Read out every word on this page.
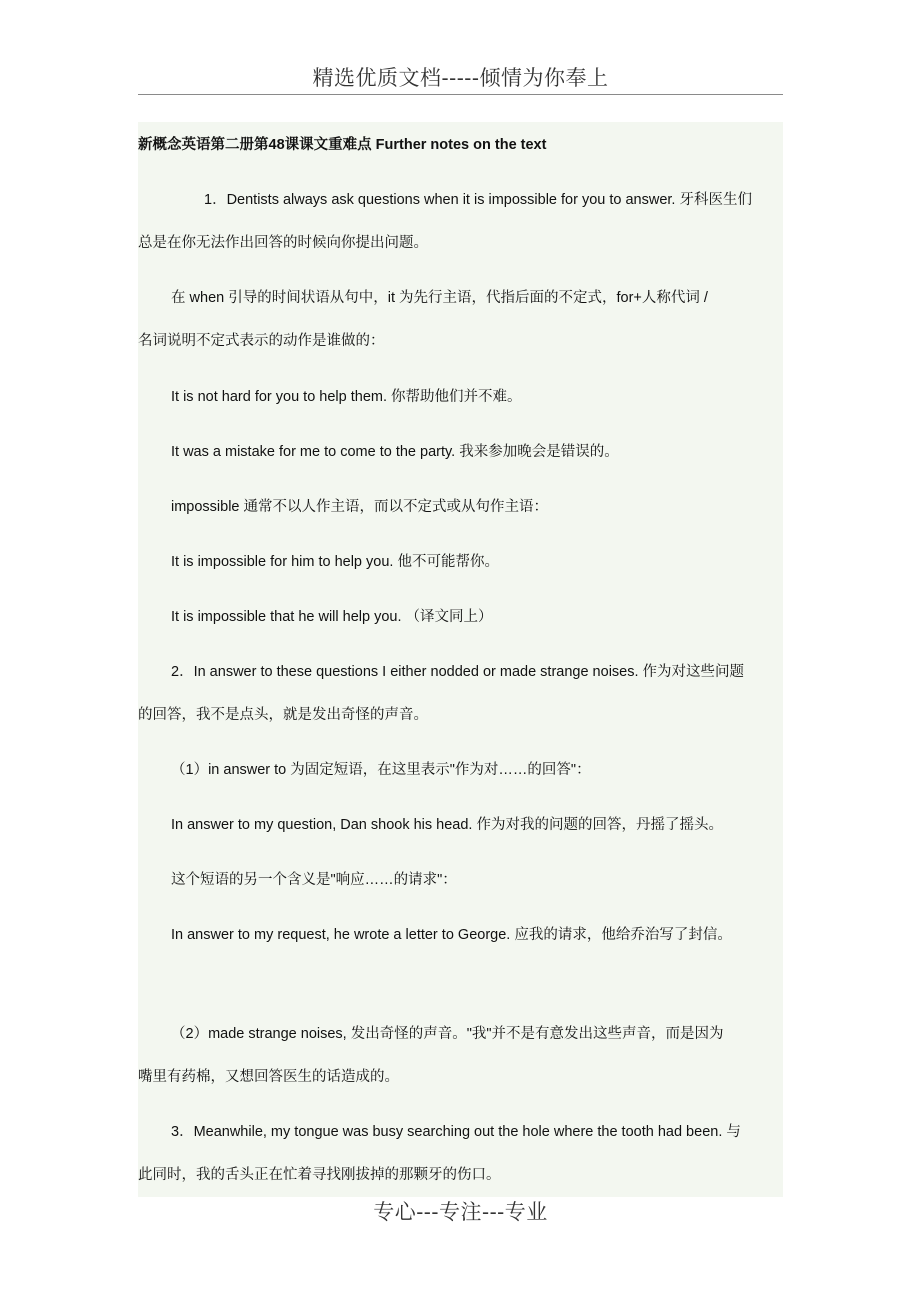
精选优质文档-----倾情为你奉上
新概念英语第二册第48课课文重难点 Further notes on the text
1．Dentists always ask questions when it is impossible for you to answer. 牙科医生们
总是在你无法作出回答的时候向你提出问题。
在 when 引导的时间状语从句中，it 为先行主语，代指后面的不定式，for+人称代词 /
名词说明不定式表示的动作是谁做的：
It is not hard for you to help them. 你帮助他们并不难。
It was a mistake for me to come to the party. 我来参加晚会是错误的。
impossible 通常不以人作主语，而以不定式或从句作主语：
It is impossible for him to help you. 他不可能帮你。
It is impossible that he will help you. （译文同上）
2．In answer to these questions I either nodded or made strange noises. 作为对这些问题
的回答，我不是点头，就是发出奇怪的声音。
（1）in answer to 为固定短语，在这里表示"作为对……的回答"：
In answer to my question, Dan shook his head. 作为对我的问题的回答，丹摇了摇头。
这个短语的另一个含义是"响应……的请求"：
In answer to my request, he wrote a letter to George. 应我的请求，他给乔治写了封信。
（2）made strange noises, 发出奇怪的声音。"我"并不是有意发出这些声音，而是因为
嘴里有药棉，又想回答医生的话造成的。
3．Meanwhile, my tongue was busy searching out the hole where the tooth had been. 与
此同时，我的舌头正在忙着寻找刚拔掉的那颗牙的伤口。
专心---专注---专业
